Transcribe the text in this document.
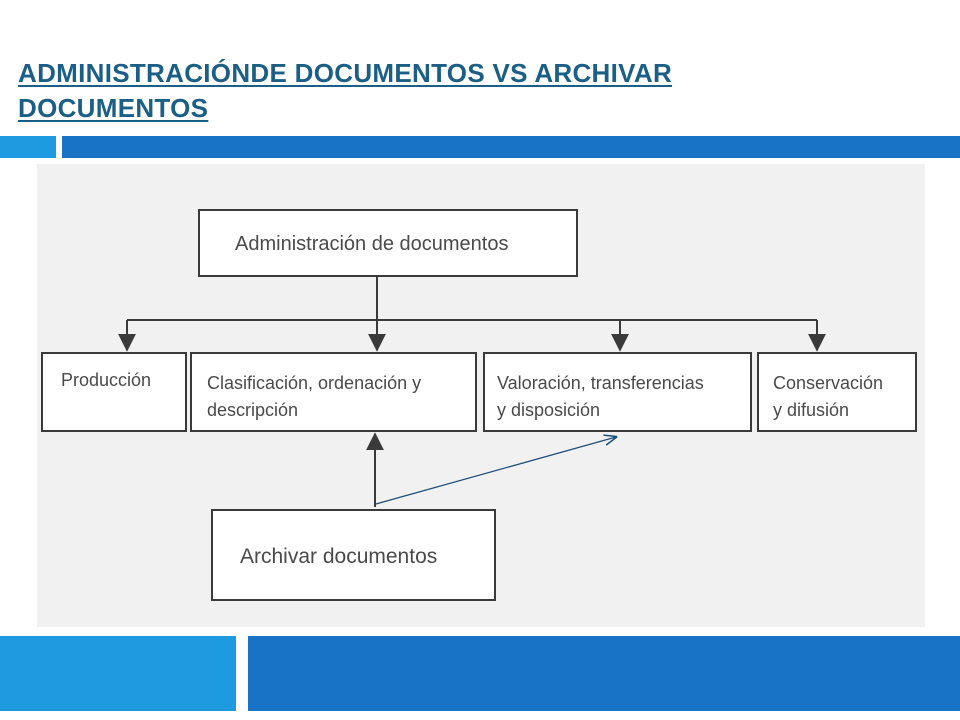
ADMINISTRACIÓNDE DOCUMENTOS VS ARCHIVAR
DOCUMENTOS
Administración de documentos
Producción	Clasificación, ordenación y
descripción
Valoración, transferencias
y disposición
Conservación
y difusión
Archivar documentos
